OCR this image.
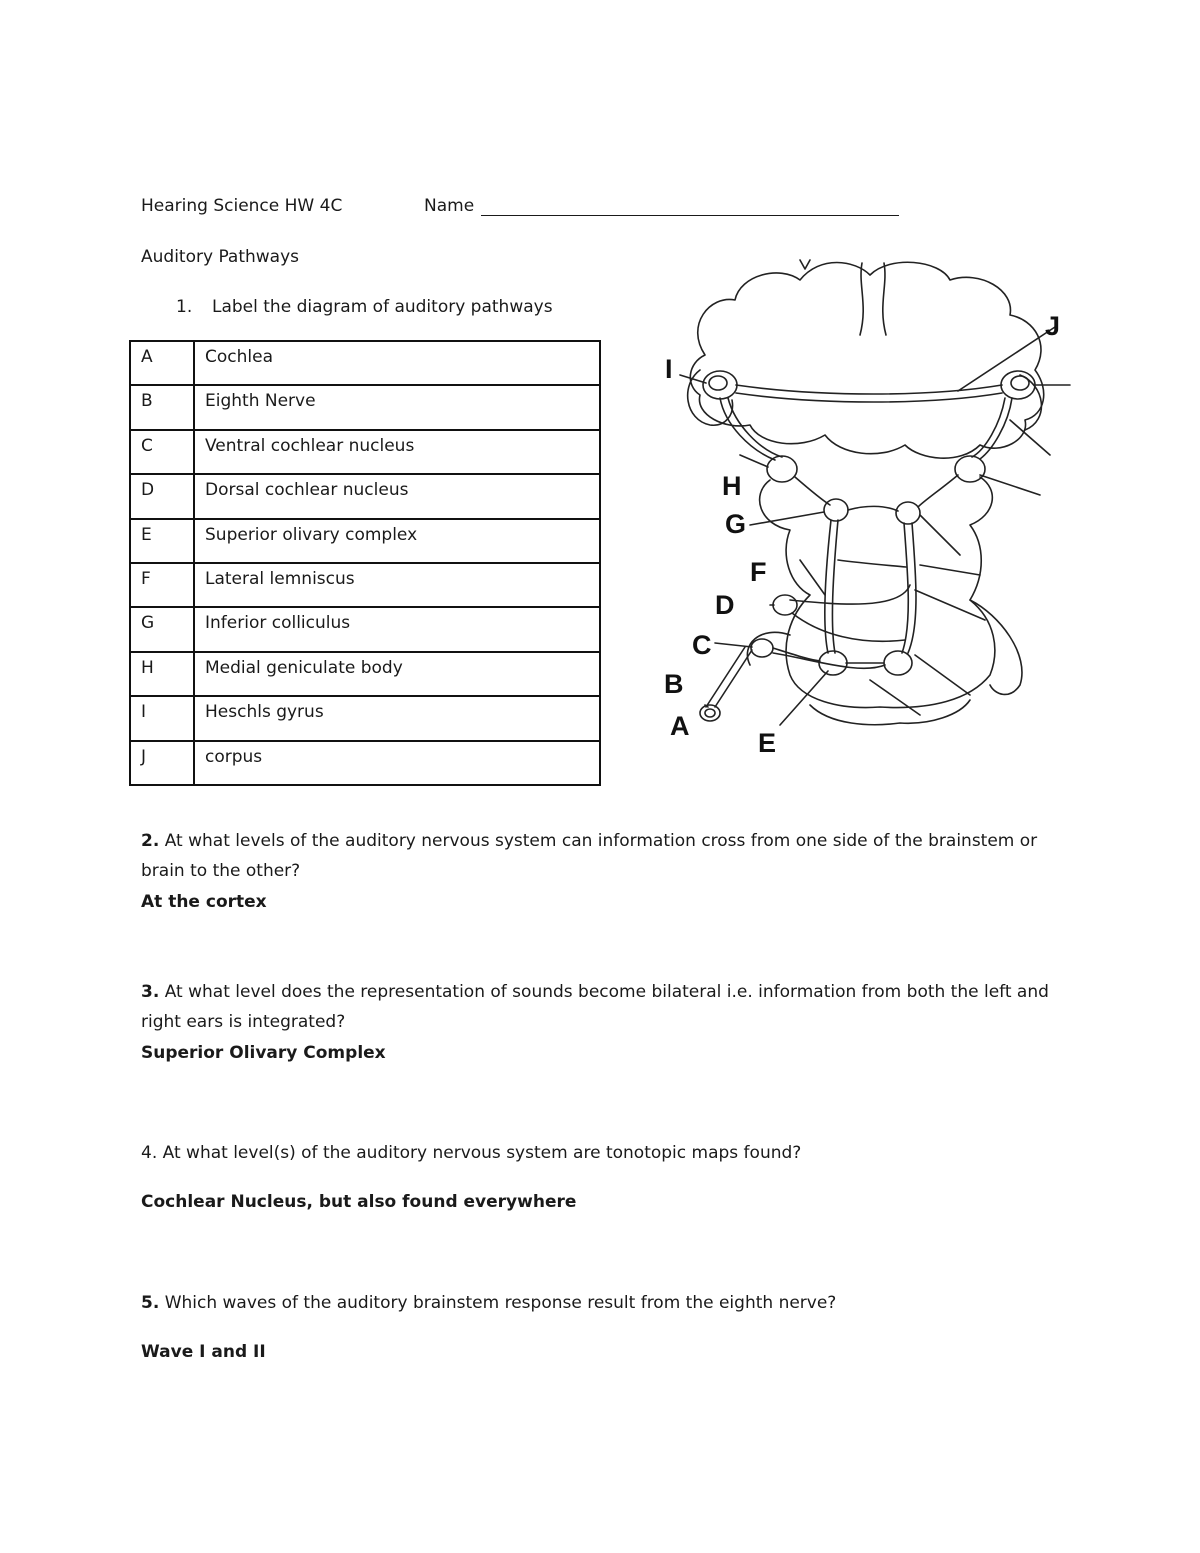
Hearing Science HW 4C	Name
Auditory Pathways
1. Label the diagram of auditory pathways
A	Cochlea
B	Eighth Nerve
C	Ventral cochlear nucleus
D	Dorsal cochlear nucleus
E	Superior olivary complex
F	Lateral lemniscus
G	Inferior colliculus
H	Medial geniculate body
I	Heschls gyrus
J	corpus
I
J
H
G
F
D
C
B
A
E
2. At what levels of the auditory nervous system can information cross from one side of the brainstem or brain to the other?
At the cortex
3. At what level does the representation of sounds become bilateral i.e. information from both the left and right ears is integrated?
Superior Olivary Complex
4. At what level(s) of the auditory nervous system are tonotopic maps found?
Cochlear Nucleus, but also found everywhere
5. Which waves of the auditory brainstem response result from the eighth nerve?
Wave I and II
